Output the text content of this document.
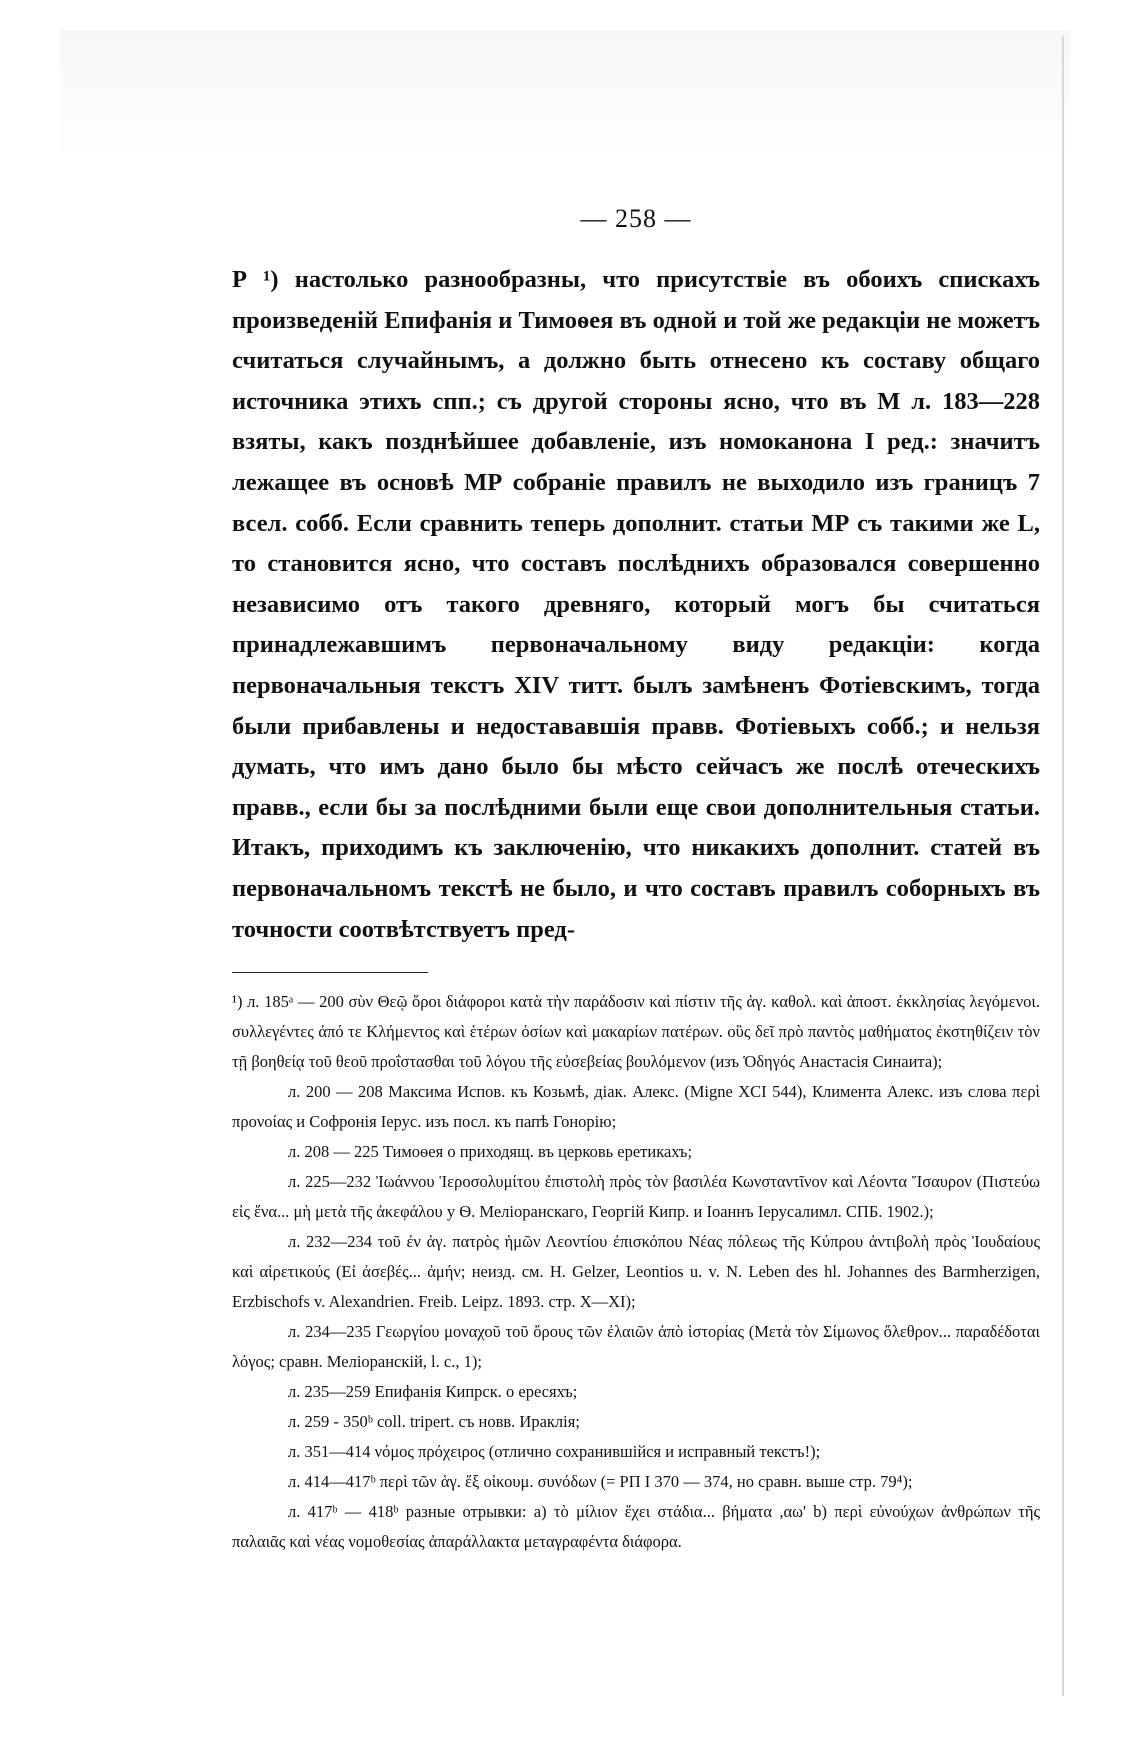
— 258 —

Р ¹) настолько разнообразны, что присутствіе въ обоихъ спискахъ произведеній Епифанія и Тимоѳея въ одной и той же редакціи не можетъ считаться случайнымъ, а должно быть отнесено къ составу общаго источника этихъ спп.; съ другой стороны ясно, что въ М л. 183—228 взяты, какъ позднѣйшее добавленіе, изъ номоканона I ред.: значитъ лежащее въ основѣ МР собраніе правилъ не выходило изъ границъ 7 всел. собб. Если сравнить теперь дополнит. статьи МР съ такими же L, то становится ясно, что составъ послѣднихъ образовался совершенно независимо отъ такого древняго, который могъ бы считаться принадлежавшимъ первоначальному виду редакціи: когда первоначальныя текстъ XIV титт. былъ замѣненъ Фотіевскимъ, тогда были прибавлены и недостававшія правв. Фотіевыхъ собб.; и нельзя думать, что имъ дано было бы мѣсто сейчасъ же послѣ отеческихъ правв., если бы за послѣдними были еще свои дополнительныя статьи. Итакъ, приходимъ къ заключенію, что никакихъ дополнит. статей въ первоначальномъ текстѣ не было, и что составъ правилъ соборныхъ въ точности соотвѣтствуетъ пред-

¹) л. 185ᵃ — 200 σὺν Θεῷ ὅροι διάφοροι κατὰ τὴν παράδοσιν καὶ πίστιν τῆς ἁγ. καθολ. καὶ ἀποστ. ἐκκλησίας λεγόμενοι. συλλεγέντες ἀπό τε Κλήμεντος καὶ ἑτέρων ὁσίων καὶ μακαρίων πατέρων. οὓς δεῖ πρὸ παντὸς μαθήματος ἐκστηθίζειν τὸν τῇ βοηθείᾳ τοῦ θεοῦ προΐστασθαι τοῦ λόγου τῆς εὐσεβείας βουλόμενον (изъ Ὁδηγός Анастасія Синаита);

л. 200 — 208 Максима Испов. къ Козьмѣ, діак. Алекс. (Migne XCI 544), Климента Алекс. изъ слова περὶ προνοίας и Софронія Іерус. изъ посл. къ папѣ Гонорію;

л. 208 — 225 Тимоѳея о приходящ. въ церковь еретикахъ;

л. 225—232 Ἰωάννου Ἱεροσολυμίτου ἐπιστολὴ πρὸς τὸν βασιλέα Κωνσταντῖνον καὶ Λέοντα Ἴσαυρον (Πιστεύω εἰς ἕνα... μὴ μετὰ τῆς ἀκεφάλου у Ѳ. Меліоранскаго, Георгій Кипр. и Іоаннъ Іерусалимл. СПБ. 1902.);

л. 232—234 τοῦ ἐν ἁγ. πατρὸς ἡμῶν Λεοντίου ἐπισκόπου Νέας πόλεως τῆς Κύπρου ἀντιβολὴ πρὸς Ἰουδαίους καὶ αἱρετικούς (Εἰ ἀσεβές... ἀμήν; неизд. см. H. Gelzer, Leontios u. v. N. Leben des hl. Johannes des Barmherzigen, Erzbischofs v. Alexandrien. Freib. Leipz. 1893. стр. X—XI);

л. 234—235 Γεωργίου μοναχοῦ τοῦ ὄρους τῶν ἐλαιῶν ἀπὸ ἱστορίας (Μετὰ τὸν Σίμωνος ὄλεθρον... παραδέδοται λόγος; сравн. Меліоранскій, l. c., 1);

л. 235—259 Епифанія Кипрск. о ересяхъ;

л. 259 - 350ᵇ coll. tripert. съ новв. Ираклія;

л. 351—414 νόμος πρόχειρος (отлично сохранившійся и исправный текстъ!);

л. 414—417ᵇ περὶ τῶν ἁγ. ἕξ οἰκουμ. συνόδων (= РП I 370 — 374, но сравн. выше стр. 79⁴);

л. 417ᵇ — 418ᵇ разные отрывки: a) τὸ μίλιον ἔχει στάδια... βήματα ,αω' b) περὶ εὐνούχων ἀνθρώπων τῆς παλαιᾶς καὶ νέας νομοθεσίας ἀπαράλλακτα μεταγραφέντα διάφορα.
